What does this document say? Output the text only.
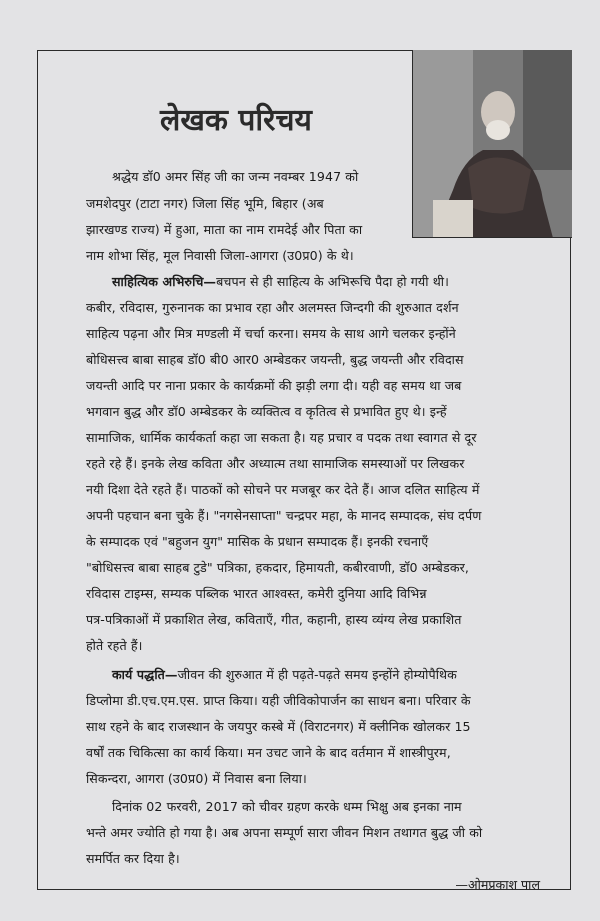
लेखक परिचय
श्रद्धेय डॉ0 अमर सिंह जी का जन्म नवम्बर 1947 को
जमशेदपुर (टाटा नगर) जिला सिंह भूमि, बिहार (अब
झारखण्ड राज्य) में हुआ, माता का नाम रामदेई और पिता का
नाम शोभा सिंह, मूल निवासी जिला-आगरा (उ0प्र0) के थे।
साहित्यिक अभिरुचि—बचपन से ही साहित्य के अभिरूचि पैदा हो गयी थी।
कबीर, रविदास, गुरुनानक का प्रभाव रहा और अलमस्त जिन्दगी की शुरुआत दर्शन
साहित्य पढ़ना और मित्र मण्डली में चर्चा करना। समय के साथ आगे चलकर इन्होंने
बोधिसत्त्व बाबा साहब डॉ0 बी0 आर0 अम्बेडकर जयन्ती, बुद्ध जयन्ती और रविदास
जयन्ती आदि पर नाना प्रकार के कार्यक्रमों की झड़ी लगा दी। यही वह समय था जब
भगवान बुद्ध और डॉ0 अम्बेडकर के व्यक्तित्व व कृतित्व से प्रभावित हुए थे। इन्हें
सामाजिक, धार्मिक कार्यकर्ता कहा जा सकता है। यह प्रचार व पदक तथा स्वागत से दूर
रहते रहे हैं। इनके लेख कविता और अध्यात्म तथा सामाजिक समस्याओं पर लिखकर
नयी दिशा देते रहते हैं। पाठकों को सोचने पर मजबूर कर देते हैं। आज दलित साहित्य में
अपनी पहचान बना चुके हैं। "नगसेनसाप्ता" चन्द्रपर महा, के मानद सम्पादक, संघ दर्पण
के सम्पादक एवं "बहुजन युग" मासिक के प्रधान सम्पादक हैं। इनकी रचनाएँ
"बोधिसत्त्व बाबा साहब टुडे" पत्रिका, हकदार, हिमायती, कबीरवाणी, डॉ0 अम्बेडकर,
रविदास टाइम्स, सम्यक पब्लिक भारत आश्वस्त, कमेरी दुनिया आदि विभिन्न
पत्र-पत्रिकाओं में प्रकाशित लेख, कविताएँ, गीत, कहानी, हास्य व्यंग्य लेख प्रकाशित
होते रहते हैं।
कार्य पद्धति—जीवन की शुरुआत में ही पढ़ते-पढ़ते समय इन्होंने होम्योपैथिक
डिप्लोमा डी.एच.एम.एस. प्राप्त किया। यही जीविकोपार्जन का साधन बना। परिवार के
साथ रहने के बाद राजस्थान के जयपुर कस्बे में (विराटनगर) में क्लीनिक खोलकर 15
वर्षों तक चिकित्सा का कार्य किया। मन उचट जाने के बाद वर्तमान में शास्त्रीपुरम,
सिकन्दरा, आगरा (उ0प्र0) में निवास बना लिया।
दिनांक 02 फरवरी, 2017 को चीवर ग्रहण करके धम्म भिक्षु अब इनका नाम
भन्ते अमर ज्योति हो गया है। अब अपना सम्पूर्ण सारा जीवन मिशन तथागत बुद्ध जी को
समर्पित कर दिया है।
—ओमप्रकाश पाल
